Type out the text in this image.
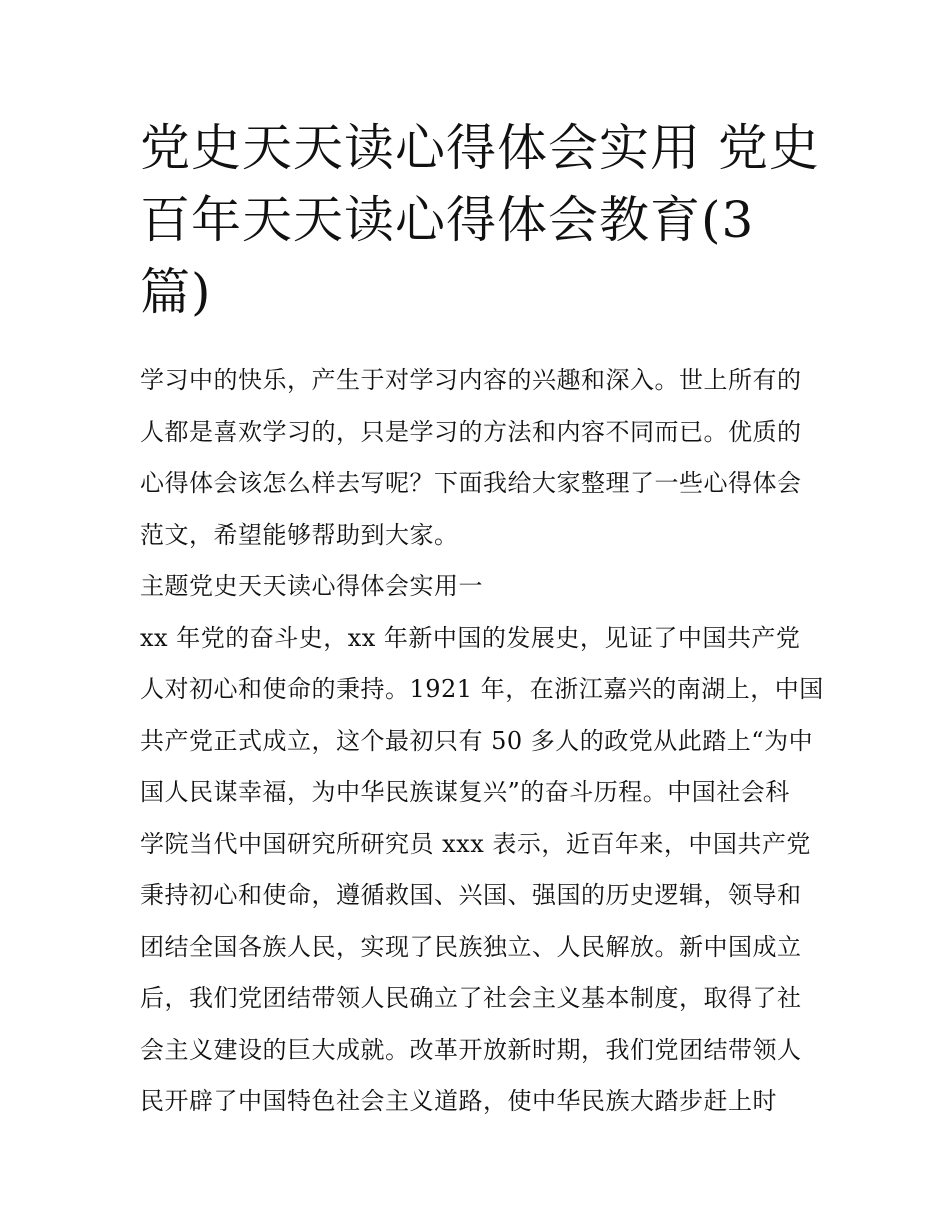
党史天天读心得体会实用 党史
百年天天读心得体会教育(3
篇)
学习中的快乐，产生于对学习内容的兴趣和深入。世上所有的
人都是喜欢学习的，只是学习的方法和内容不同而已。优质的
心得体会该怎么样去写呢？下面我给大家整理了一些心得体会
范文，希望能够帮助到大家。
主题党史天天读心得体会实用一
xx 年党的奋斗史，xx 年新中国的发展史，见证了中国共产党
人对初心和使命的秉持。1921 年，在浙江嘉兴的南湖上，中国
共产党正式成立，这个最初只有 50 多人的政党从此踏上“为中
国人民谋幸福，为中华民族谋复兴”的奋斗历程。中国社会科
学院当代中国研究所研究员 xxx 表示，近百年来，中国共产党
秉持初心和使命，遵循救国、兴国、强国的历史逻辑，领导和
团结全国各族人民，实现了民族独立、人民解放。新中国成立
后，我们党团结带领人民确立了社会主义基本制度，取得了社
会主义建设的巨大成就。改革开放新时期，我们党团结带领人
民开辟了中国特色社会主义道路，使中华民族大踏步赶上时
